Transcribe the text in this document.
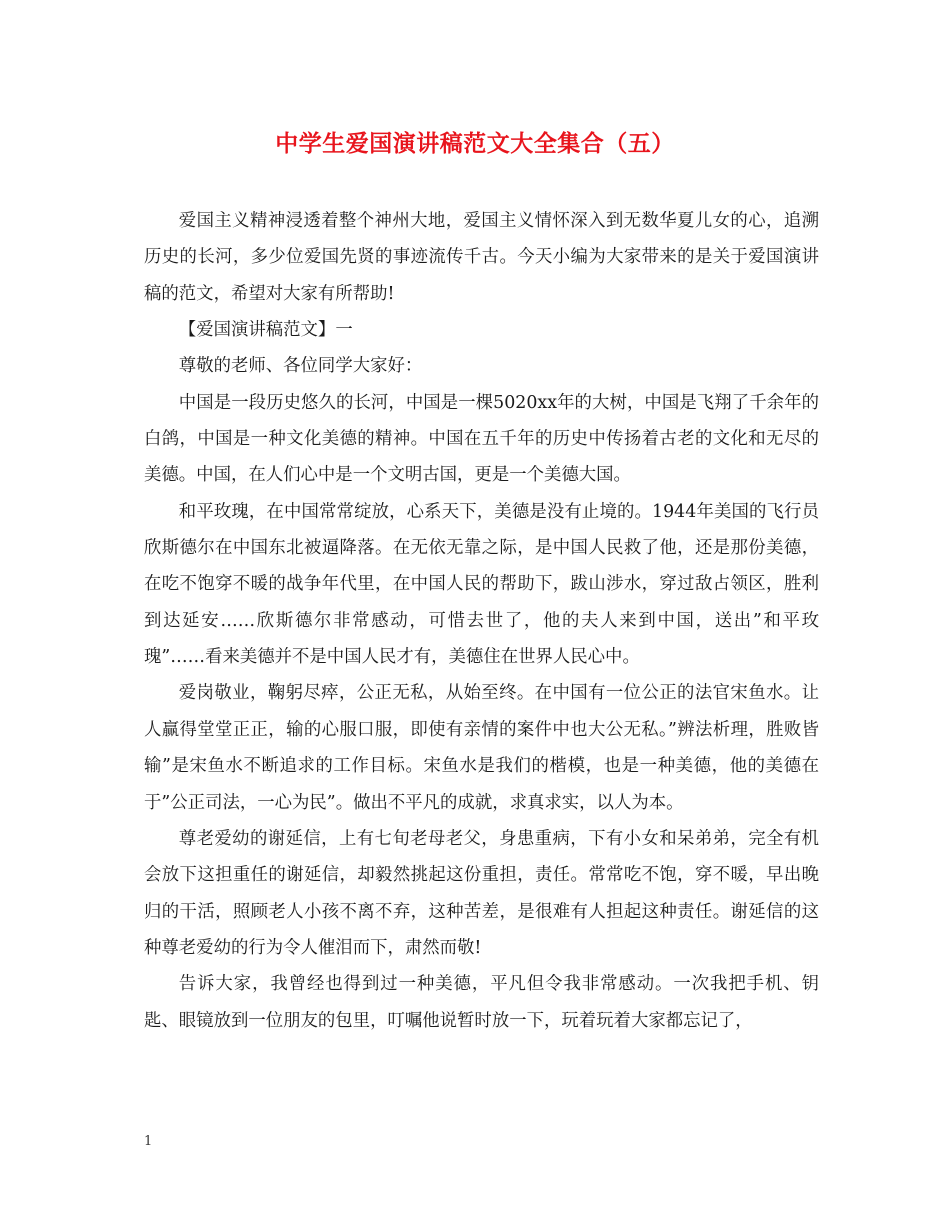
中学生爱国演讲稿范文大全集合（五）

爱国主义精神浸透着整个神州大地，爱国主义情怀深入到无数华夏儿女的心，追溯历史的长河，多少位爱国先贤的事迹流传千古。今天小编为大家带来的是关于爱国演讲稿的范文，希望对大家有所帮助!

【爱国演讲稿范文】一

尊敬的老师、各位同学大家好：

中国是一段历史悠久的长河，中国是一棵5020xx年的大树，中国是飞翔了千余年的白鸽，中国是一种文化美德的精神。中国在五千年的历史中传扬着古老的文化和无尽的美德。中国，在人们心中是一个文明古国，更是一个美德大国。

和平玫瑰，在中国常常绽放，心系天下，美德是没有止境的。1944年美国的飞行员欣斯德尔在中国东北被逼降落。在无依无靠之际，是中国人民救了他，还是那份美德，在吃不饱穿不暖的战争年代里，在中国人民的帮助下，跋山涉水，穿过敌占领区，胜利到达延安……欣斯德尔非常感动，可惜去世了，他的夫人来到中国，送出”和平玫瑰”……看来美德并不是中国人民才有，美德住在世界人民心中。

爱岗敬业，鞠躬尽瘁，公正无私，从始至终。在中国有一位公正的法官宋鱼水。让人赢得堂堂正正，输的心服口服，即使有亲情的案件中也大公无私。”辨法析理，胜败皆输”是宋鱼水不断追求的工作目标。宋鱼水是我们的楷模，也是一种美德，他的美德在于”公正司法，一心为民”。做出不平凡的成就，求真求实，以人为本。

尊老爱幼的谢延信，上有七旬老母老父，身患重病，下有小女和呆弟弟，完全有机会放下这担重任的谢延信，却毅然挑起这份重担，责任。常常吃不饱，穿不暖，早出晚归的干活，照顾老人小孩不离不弃，这种苦差，是很难有人担起这种责任。谢延信的这种尊老爱幼的行为令人催泪而下，肃然而敬!

告诉大家，我曾经也得到过一种美德，平凡但令我非常感动。一次我把手机、钥匙、眼镜放到一位朋友的包里，叮嘱他说暂时放一下，玩着玩着大家都忘记了，

1
